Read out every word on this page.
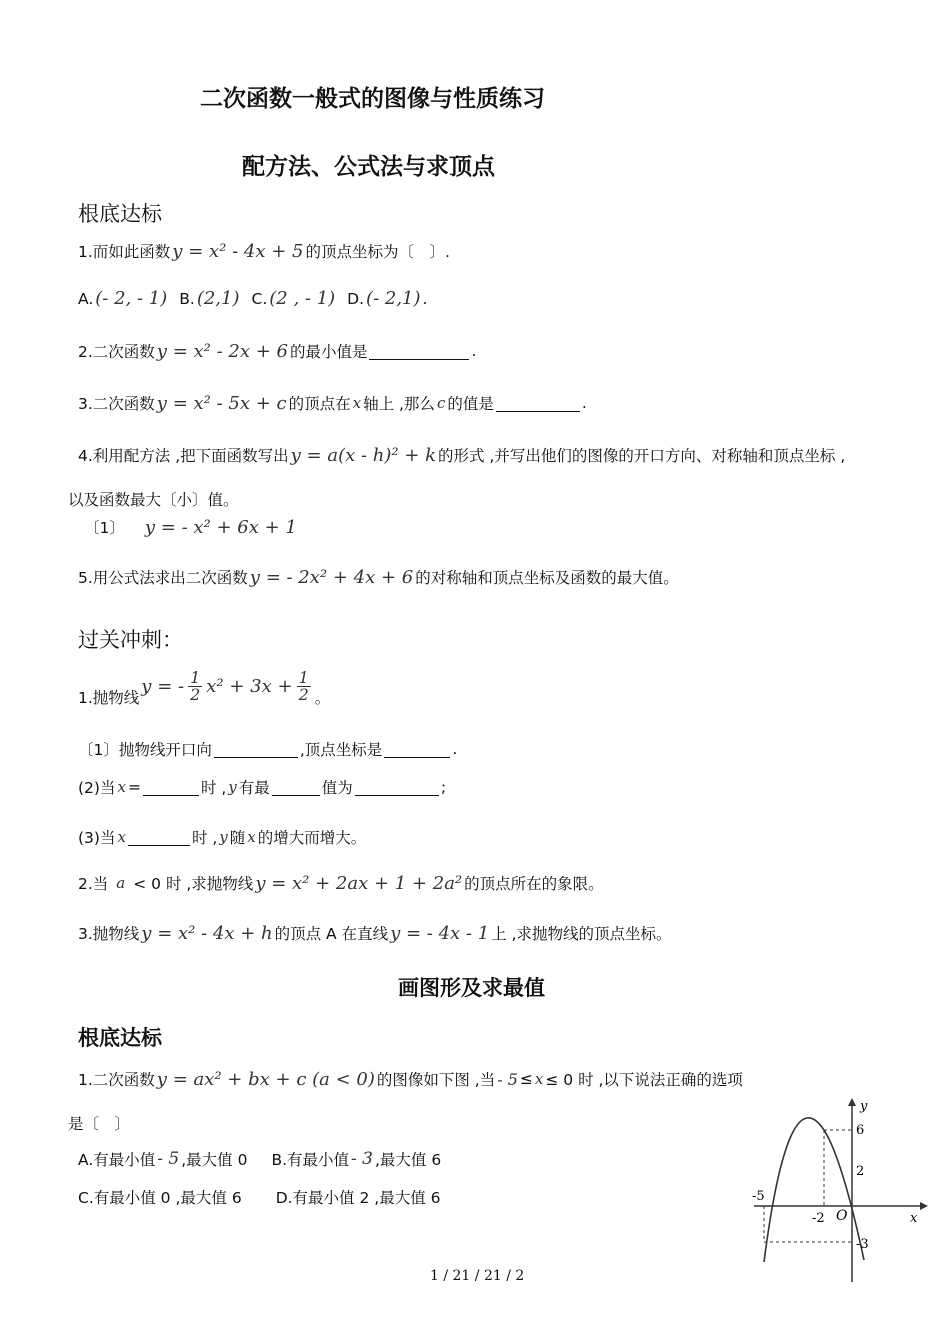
二次函数一般式的图像与性质练习
配方法、公式法与求顶点
根底达标
1.而如此函数 y = x² - 4x + 5 的顶点坐标为〔　〕.
A. (- 2, - 1) B. (2,1) C. (2 , - 1) D. (- 2,1) .
2.二次函数 y = x² - 2x + 6 的最小值是	.
3.二次函数 y = x² - 5x + c 的顶点在 x 轴上 ,那么 c 的值是	.
4.利用配方法 ,把下面函数写出 y = a(x - h)² + k 的形式 ,并写出他们的图像的开口方向、对称轴和顶点坐标 ,
以及函数最大〔小〕值。
〔1〕 y = - x² + 6x + 1
5.用公式法求出二次函数 y = - 2x² + 4x + 6 的对称轴和顶点坐标及函数的最大值。
过关冲刺：
1.抛物线
y = - $\frac{1}{2} x^2 + 3x + \frac{1}{2}$ 。
〔1〕抛物线开口向	,顶点坐标是	.
(2)当 x =	时 , y 有最	值为	;
(3)当 x	时 , y 随 x 的增大而增大。
2.当 a < 0 时 ,求抛物线 y = x² + 2ax + 1 + 2a² 的顶点所在的象限。
3.抛物线 y = x² - 4x + h 的顶点 A 在直线 y = - 4x - 1 上 ,求抛物线的顶点坐标。
画图形及求最值
根底达标
1.二次函数 y = ax² + bx + c (a < 0) 的图像如下图 ,当 - 5 ≤ x ≤ 0 时 ,以下说法正确的选项
是〔　〕
A.有最小值 - 5 ,最大值 0 B.有最小值 - 3 ,最大值 6
C.有最小值 0 ,最大值 6 D.有最小值 2 ,最大值 6
y
x
O
6
2
-5
-2
-3
1 / 21 / 21 / 2
